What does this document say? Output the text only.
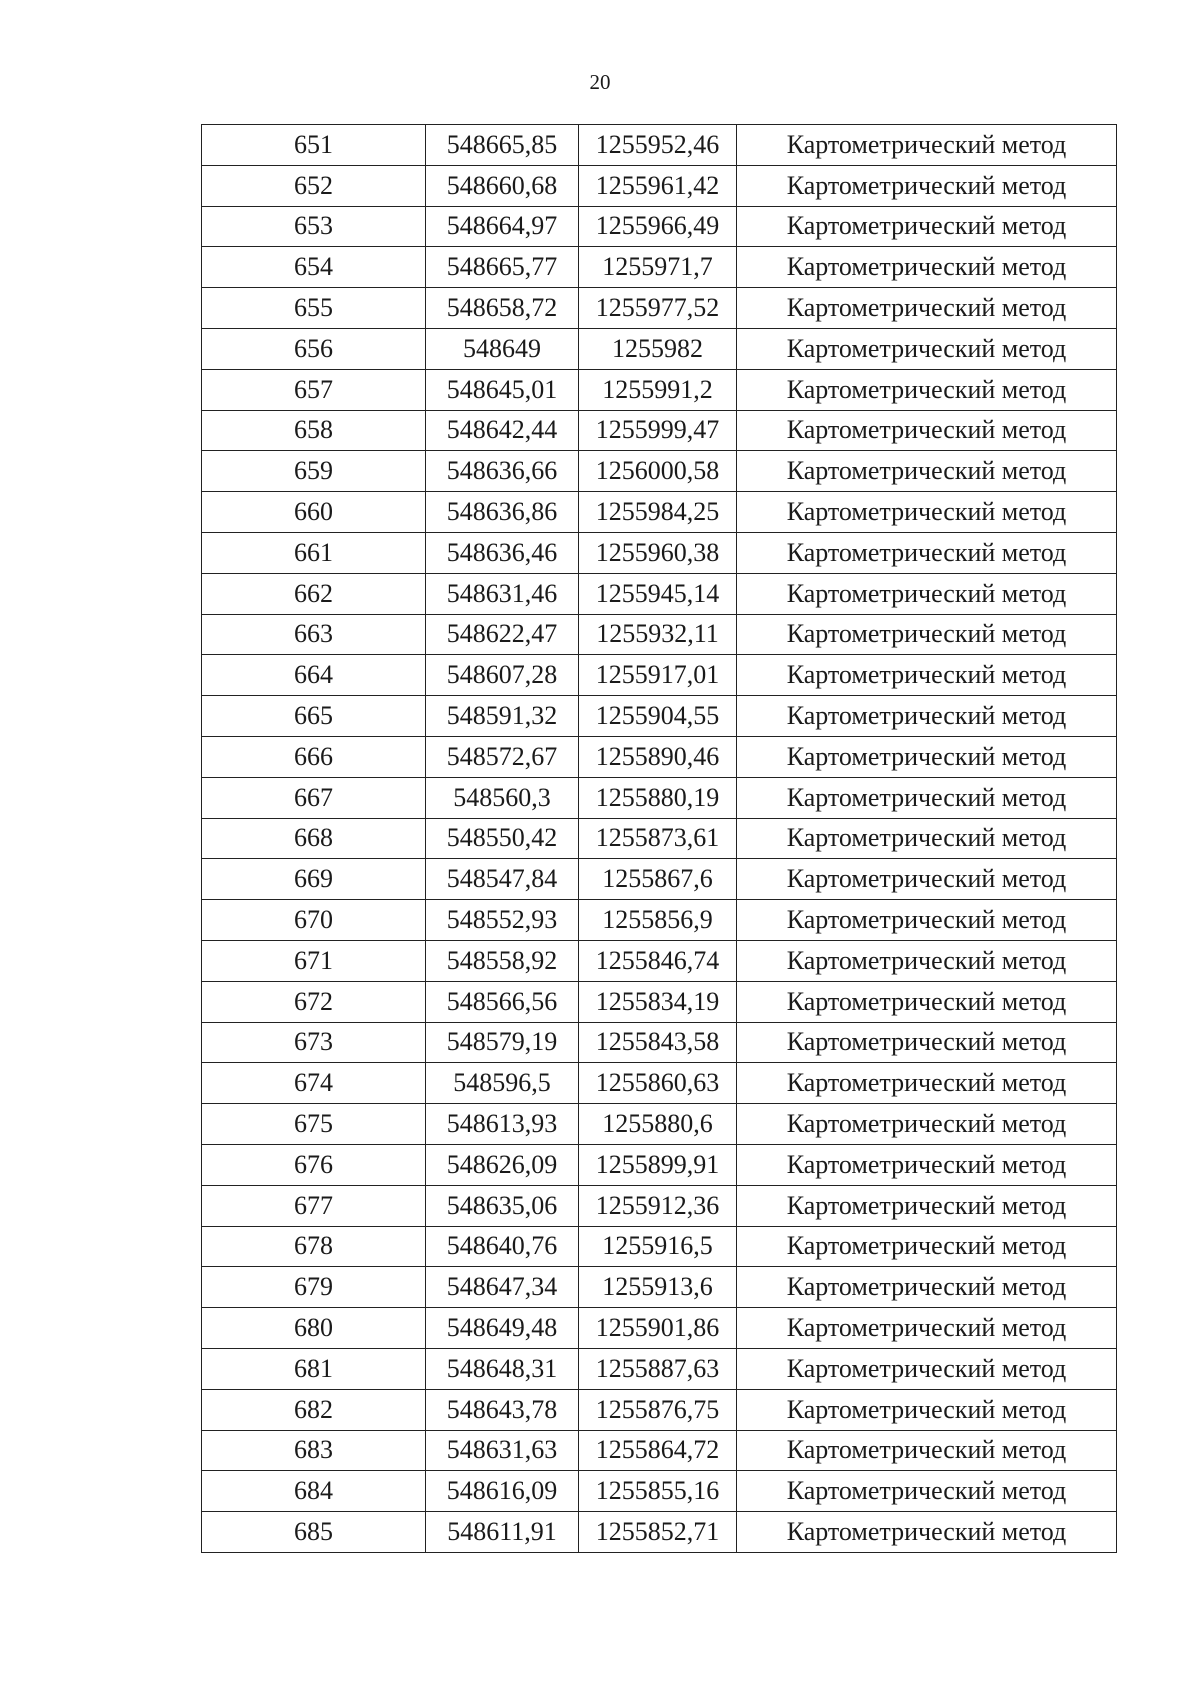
20
651	548665,85	1255952,46	Картометрический метод
652	548660,68	1255961,42	Картометрический метод
653	548664,97	1255966,49	Картометрический метод
654	548665,77	1255971,7	Картометрический метод
655	548658,72	1255977,52	Картометрический метод
656	548649	1255982	Картометрический метод
657	548645,01	1255991,2	Картометрический метод
658	548642,44	1255999,47	Картометрический метод
659	548636,66	1256000,58	Картометрический метод
660	548636,86	1255984,25	Картометрический метод
661	548636,46	1255960,38	Картометрический метод
662	548631,46	1255945,14	Картометрический метод
663	548622,47	1255932,11	Картометрический метод
664	548607,28	1255917,01	Картометрический метод
665	548591,32	1255904,55	Картометрический метод
666	548572,67	1255890,46	Картометрический метод
667	548560,3	1255880,19	Картометрический метод
668	548550,42	1255873,61	Картометрический метод
669	548547,84	1255867,6	Картометрический метод
670	548552,93	1255856,9	Картометрический метод
671	548558,92	1255846,74	Картометрический метод
672	548566,56	1255834,19	Картометрический метод
673	548579,19	1255843,58	Картометрический метод
674	548596,5	1255860,63	Картометрический метод
675	548613,93	1255880,6	Картометрический метод
676	548626,09	1255899,91	Картометрический метод
677	548635,06	1255912,36	Картометрический метод
678	548640,76	1255916,5	Картометрический метод
679	548647,34	1255913,6	Картометрический метод
680	548649,48	1255901,86	Картометрический метод
681	548648,31	1255887,63	Картометрический метод
682	548643,78	1255876,75	Картометрический метод
683	548631,63	1255864,72	Картометрический метод
684	548616,09	1255855,16	Картометрический метод
685	548611,91	1255852,71	Картометрический метод
